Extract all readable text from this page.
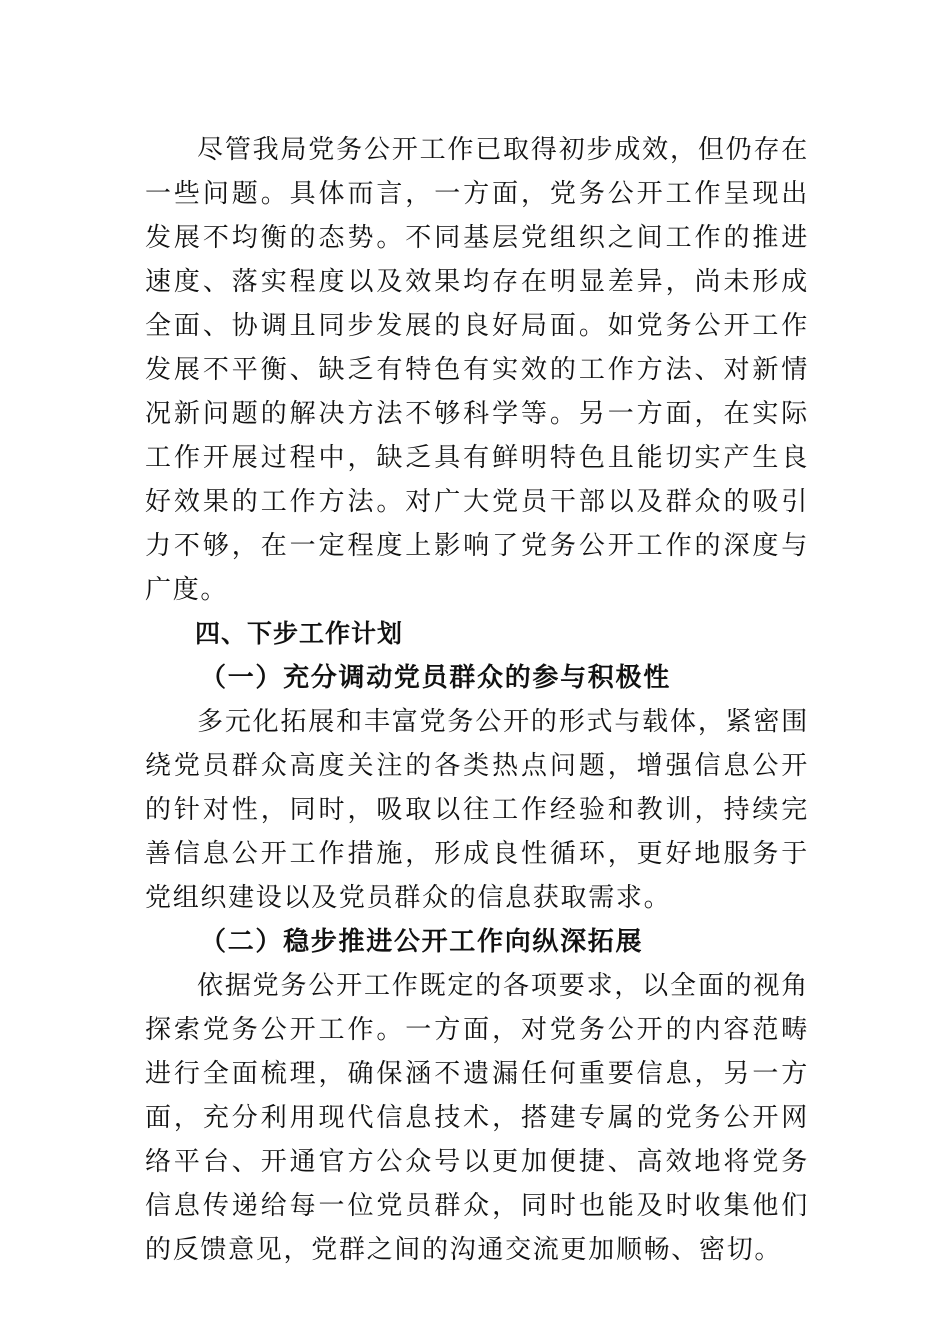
尽管我局党务公开工作已取得初步成效，但仍存在一些问题。具体而言，一方面，党务公开工作呈现出发展不均衡的态势。不同基层党组织之间工作的推进速度、落实程度以及效果均存在明显差异，尚未形成全面、协调且同步发展的良好局面。如党务公开工作发展不平衡、缺乏有特色有实效的工作方法、对新情况新问题的解决方法不够科学等。另一方面，在实际工作开展过程中，缺乏具有鲜明特色且能切实产生良好效果的工作方法。对广大党员干部以及群众的吸引力不够，在一定程度上影响了党务公开工作的深度与广度。

四、下步工作计划

（一）充分调动党员群众的参与积极性

多元化拓展和丰富党务公开的形式与载体，紧密围绕党员群众高度关注的各类热点问题，增强信息公开的针对性，同时，吸取以往工作经验和教训，持续完善信息公开工作措施，形成良性循环，更好地服务于党组织建设以及党员群众的信息获取需求。

（二）稳步推进公开工作向纵深拓展

依据党务公开工作既定的各项要求，以全面的视角探索党务公开工作。一方面，对党务公开的内容范畴进行全面梳理，确保涵不遗漏任何重要信息，另一方面，充分利用现代信息技术，搭建专属的党务公开网络平台、开通官方公众号以更加便捷、高效地将党务信息传递给每一位党员群众，同时也能及时收集他们的反馈意见，党群之间的沟通交流更加顺畅、密切。
